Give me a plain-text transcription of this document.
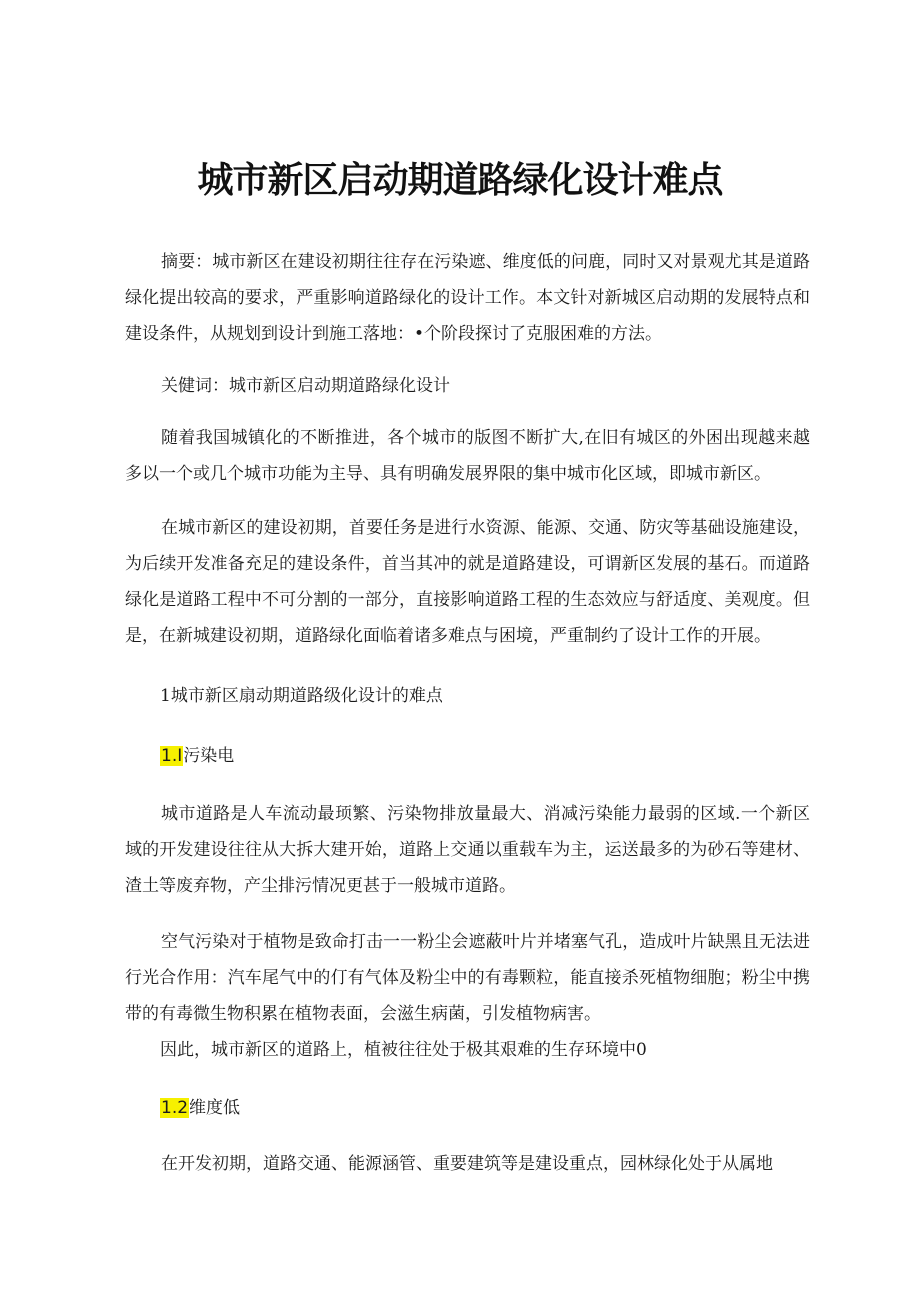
城市新区启动期道路绿化设计难点

摘要：城市新区在建设初期往往存在污染遮、维度低的问鹿，同时又对景观尤其是道路绿化提出较高的要求，严重影响道路绿化的设计工作。本文针对新城区启动期的发展特点和建设条件，从规划到设计到施工落地：•个阶段探讨了克服困难的方法。

关健词：城市新区启动期道路绿化设计

随着我国城镇化的不断推进，各个城市的版图不断扩大,在旧有城区的外困出现越来越多以一个或几个城市功能为主导、具有明确发展界限的集中城市化区域，即城市新区。

在城市新区的建设初期，首要任务是进行水资源、能源、交通、防灾等基础设施建设，为后续开发准备充足的建设条件，首当其冲的就是道路建设，可谓新区发展的基石。而道路绿化是道路工程中不可分割的一部分，直接影响道路工程的生态效应与舒适度、美观度。但是，在新城建设初期，道路绿化面临着诸多难点与困境，严重制约了设计工作的开展。

1城市新区扇动期道路级化设计的难点

1.I污染电

城市道路是人车流动最顼繁、污染物排放量最大、消减污染能力最弱的区域.一个新区域的开发建设往往从大拆大建开始，道路上交通以重载车为主，运送最多的为砂石等建材、渣土等废弃物，产尘排污情况更甚于一般城市道路。

空气污染对于植物是致命打击一一粉尘会遮蔽叶片并堵塞气孔，造成叶片缺黑且无法进行光合作用：汽车尾气中的仃有气体及粉尘中的有毒颗粒，能直接杀死植物细胞；粉尘中携带的有毒微生物积累在植物表面，会滋生病菌，引发植物病害。

因此，城市新区的道路上，植被往往处于极其艰难的生存环境中0

1.2维度低

在开发初期，道路交通、能源涵管、重要建筑等是建设重点，园林绿化处于从属地
